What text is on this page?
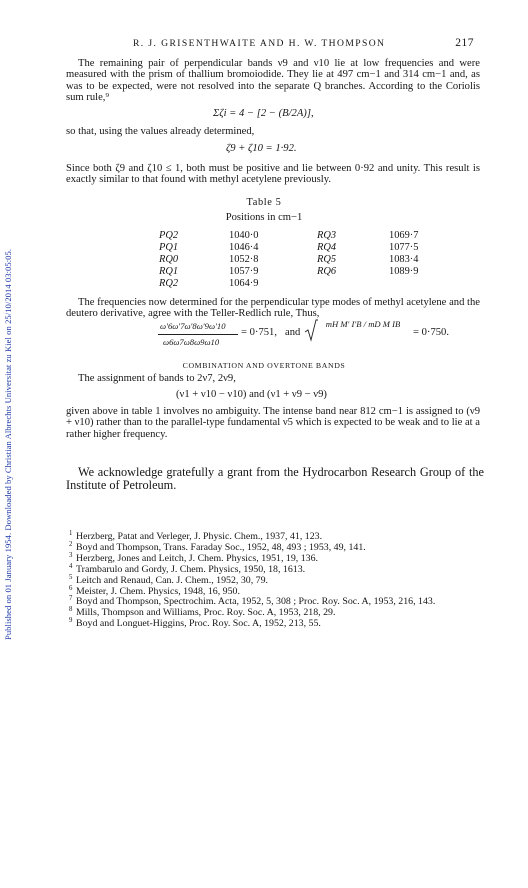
Published on 01 January 1954. Downloaded by Christian Albrechts Universitat zu Kiel on 25/10/2014 03:05:05.
R. J. GRISENTHWAITE AND H. W. THOMPSON	217
The remaining pair of perpendicular bands ν9 and ν10 lie at low frequencies and were measured with the prism of thallium bromoiodide. They lie at 497 cm−1 and 314 cm−1 and, as was to be expected, were not resolved into the separate Q branches. According to the Coriolis sum rule,⁹
Σζi = 4 − [2 − (B/2A)],
so that, using the values already determined,
ζ9 + ζ10 = 1·92.
Since both ζ9 and ζ10 ≤ 1, both must be positive and lie between 0·92 and unity. This result is exactly similar to that found with methyl acetylene previously.
Table 5
Positions in cm−1
PQ2	1040·0	RQ3	1069·7
PQ1	1046·4	RQ4	1077·5
RQ0	1052·8	RQ5	1083·4
RQ1	1057·9	RQ6	1089·9
RQ2	1064·9
The frequencies now determined for the perpendicular type modes of methyl acetylene and the deutero derivative, agree with the Teller-Redlich rule, Thus,
ω′6ω′7ω′8ω′9ω′10
ω6ω7ω8ω9ω10
= 0·751, and
mH M′ I′B / mD M IB
= 0·750.
COMBINATION AND OVERTONE BANDS
The assignment of bands to 2ν7, 2ν9,
(ν1 + ν10 − ν10) and (ν1 + ν9 − ν9)
given above in table 1 involves no ambiguity. The intense band near 812 cm−1 is assigned to (ν9 + ν10) rather than to the parallel-type fundamental ν5 which is expected to be weak and to lie at a rather higher frequency.
We acknowledge gratefully a grant from the Hydrocarbon Research Group of the Institute of Petroleum.
1 Herzberg, Patat and Verleger, J. Physic. Chem., 1937, 41, 123.
2 Boyd and Thompson, Trans. Faraday Soc., 1952, 48, 493 ; 1953, 49, 141.
3 Herzberg, Jones and Leitch, J. Chem. Physics, 1951, 19, 136.
4 Trambarulo and Gordy, J. Chem. Physics, 1950, 18, 1613.
5 Leitch and Renaud, Can. J. Chem., 1952, 30, 79.
6 Meister, J. Chem. Physics, 1948, 16, 950.
7 Boyd and Thompson, Spectrochim. Acta, 1952, 5, 308 ; Proc. Roy. Soc. A, 1953, 216, 143.
8 Mills, Thompson and Williams, Proc. Roy. Soc. A, 1953, 218, 29.
9 Boyd and Longuet-Higgins, Proc. Roy. Soc. A, 1952, 213, 55.
